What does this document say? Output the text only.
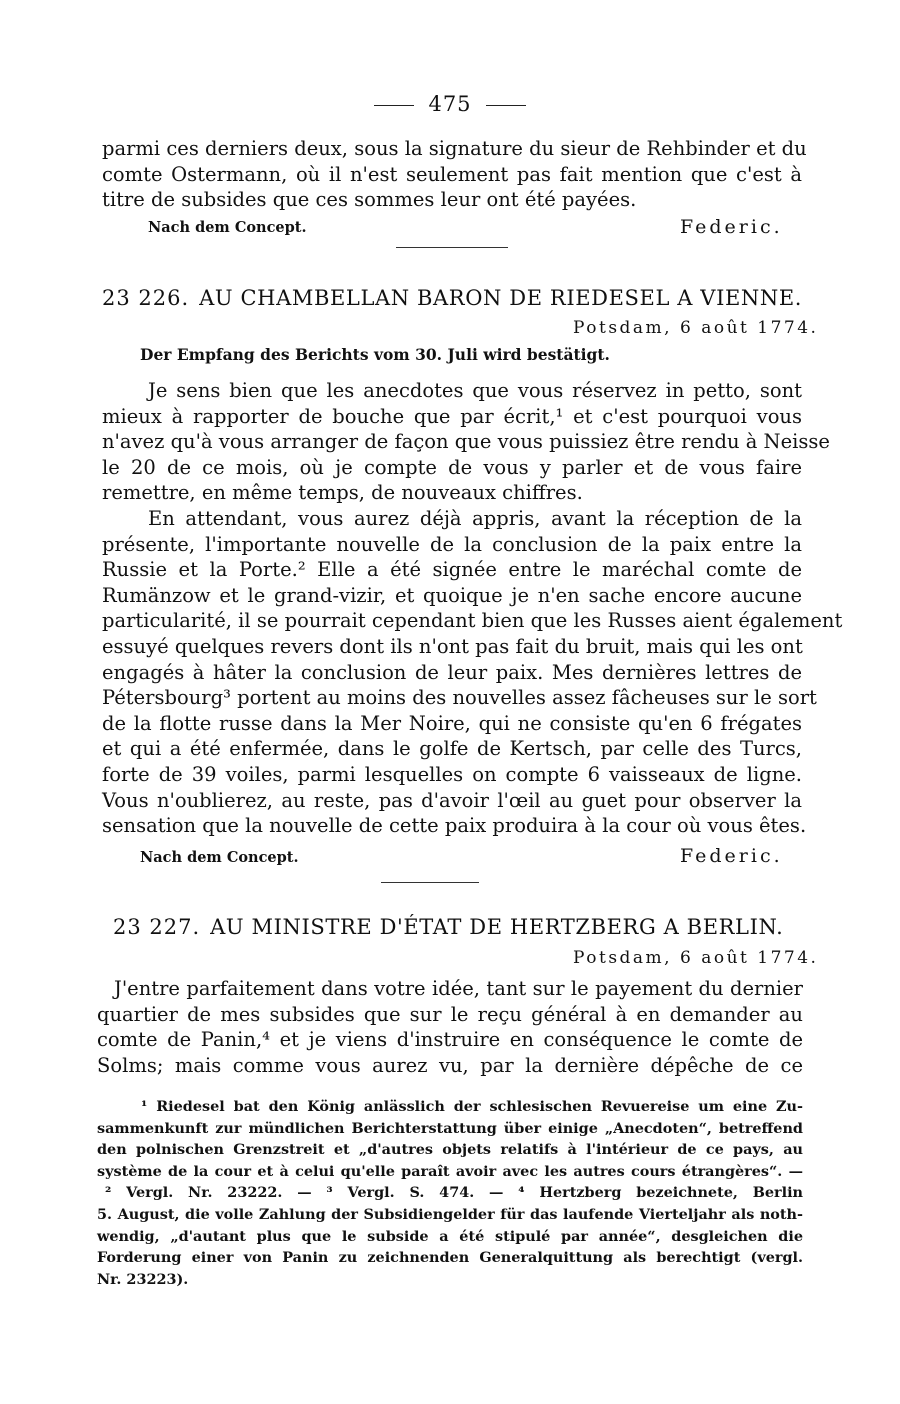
475
parmi ces derniers deux, sous la signature du sieur de Rehbinder et du
comte Ostermann, où il n'est seulement pas fait mention que c'est à
titre de subsides que ces sommes leur ont été payées.
Nach dem Concept.	Federic.
23 226. AU CHAMBELLAN BARON DE RIEDESEL A VIENNE.
Potsdam, 6 août 1774.
Der Empfang des Berichts vom 30. Juli wird bestätigt.
Je sens bien que les anecdotes que vous réservez in petto, sont
mieux à rapporter de bouche que par écrit,¹ et c'est pourquoi vous
n'avez qu'à vous arranger de façon que vous puissiez être rendu à Neisse
le 20 de ce mois, où je compte de vous y parler et de vous faire
remettre, en même temps, de nouveaux chiffres.
En attendant, vous aurez déjà appris, avant la réception de la
présente, l'importante nouvelle de la conclusion de la paix entre la
Russie et la Porte.² Elle a été signée entre le maréchal comte de
Rumänzow et le grand-vizir, et quoique je n'en sache encore aucune
particularité, il se pourrait cependant bien que les Russes aient également
essuyé quelques revers dont ils n'ont pas fait du bruit, mais qui les ont
engagés à hâter la conclusion de leur paix. Mes dernières lettres de
Pétersbourg³ portent au moins des nouvelles assez fâcheuses sur le sort
de la flotte russe dans la Mer Noire, qui ne consiste qu'en 6 frégates
et qui a été enfermée, dans le golfe de Kertsch, par celle des Turcs,
forte de 39 voiles, parmi lesquelles on compte 6 vaisseaux de ligne.
Vous n'oublierez, au reste, pas d'avoir l'œil au guet pour observer la
sensation que la nouvelle de cette paix produira à la cour où vous êtes.
Nach dem Concept.	Federic.
23 227. AU MINISTRE D'ÉTAT DE HERTZBERG A BERLIN.
Potsdam, 6 août 1774.
J'entre parfaitement dans votre idée, tant sur le payement du dernier
quartier de mes subsides que sur le reçu général à en demander au
comte de Panin,⁴ et je viens d'instruire en conséquence le comte de
Solms; mais comme vous aurez vu, par la dernière dépêche de ce
¹ Riedesel bat den König anlässlich der schlesischen Revuereise um eine Zu-
sammenkunft zur mündlichen Berichterstattung über einige „Anecdoten“, betreffend
den polnischen Grenzstreit et „d'autres objets relatifs à l'intérieur de ce pays, au
système de la cour et à celui qu'elle paraît avoir avec les autres cours étrangères“. —
² Vergl. Nr. 23222. — ³ Vergl. S. 474. — ⁴ Hertzberg bezeichnete, Berlin
5. August, die volle Zahlung der Subsidiengelder für das laufende Vierteljahr als noth-
wendig, „d'autant plus que le subside a été stipulé par année“, desgleichen die
Forderung einer von Panin zu zeichnenden Generalquittung als berechtigt (vergl.
Nr. 23223).
